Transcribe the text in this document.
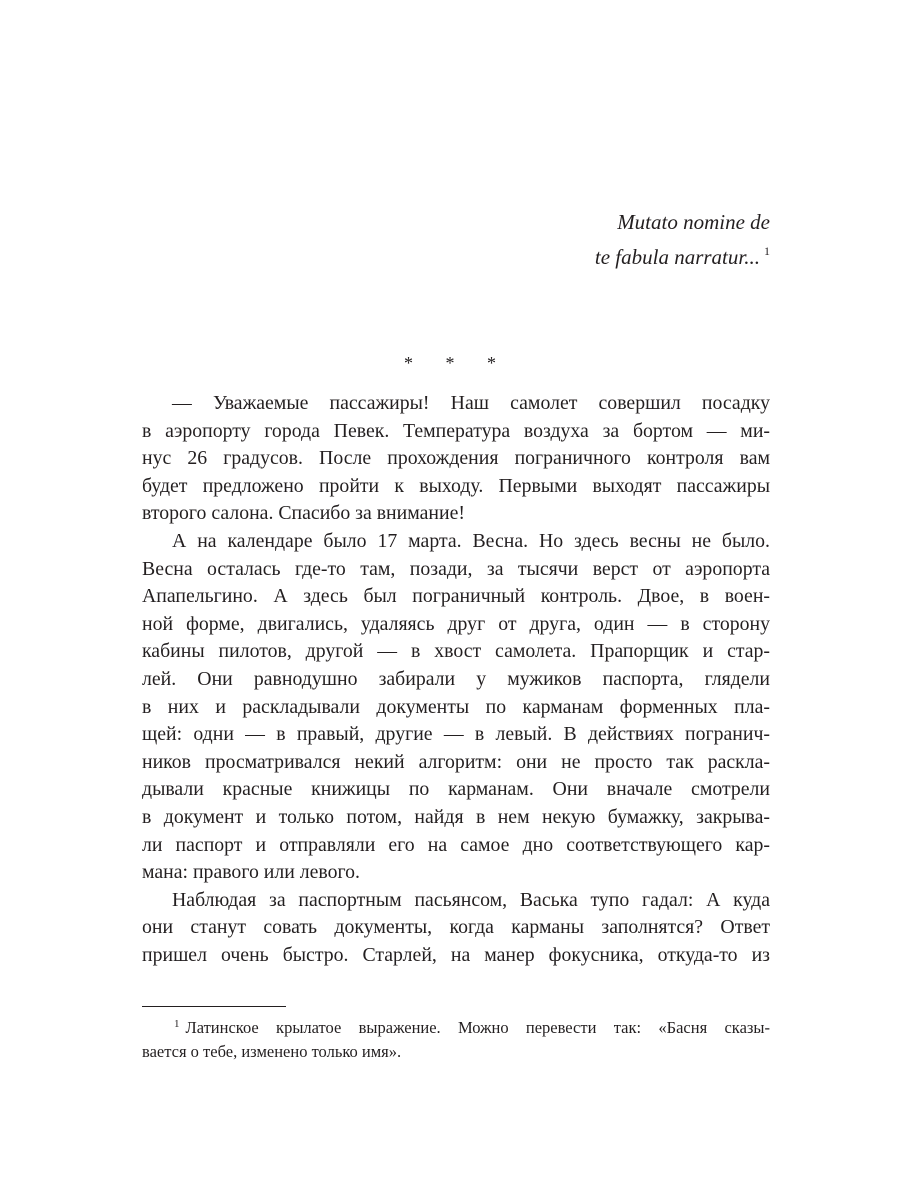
Mutato nomine de
te fabula narratur... $^1$
* * *
— Уважаемые пассажиры! Наш самолет совершил посадку
в аэропорту города Певек. Температура воздуха за бортом — ми-
нус 26 градусов. После прохождения пограничного контроля вам
будет предложено пройти к выходу. Первыми выходят пассажиры
второго салона. Спасибо за внимание!
А на календаре было 17 марта. Весна. Но здесь весны не было.
Весна осталась где-то там, позади, за тысячи верст от аэропорта
Апапельгино. А здесь был пограничный контроль. Двое, в воен-
ной форме, двигались, удаляясь друг от друга, один — в сторону
кабины пилотов, другой — в хвост самолета. Прапорщик и стар-
лей. Они равнодушно забирали у мужиков паспорта, глядели
в них и раскладывали документы по карманам форменных пла-
щей: одни — в правый, другие — в левый. В действиях погранич-
ников просматривался некий алгоритм: они не просто так раскла-
дывали красные книжицы по карманам. Они вначале смотрели
в документ и только потом, найдя в нем некую бумажку, закрыва-
ли паспорт и отправляли его на самое дно соответствующего кар-
мана: правого или левого.
Наблюдая за паспортным пасьянсом, Васька тупо гадал: А куда
они станут совать документы, когда карманы заполнятся? Ответ
пришел очень быстро. Старлей, на манер фокусника, откуда-то из
$^1$ Латинское крылатое выражение. Можно перевести так: «Басня сказы-
вается о тебе, изменено только имя».
